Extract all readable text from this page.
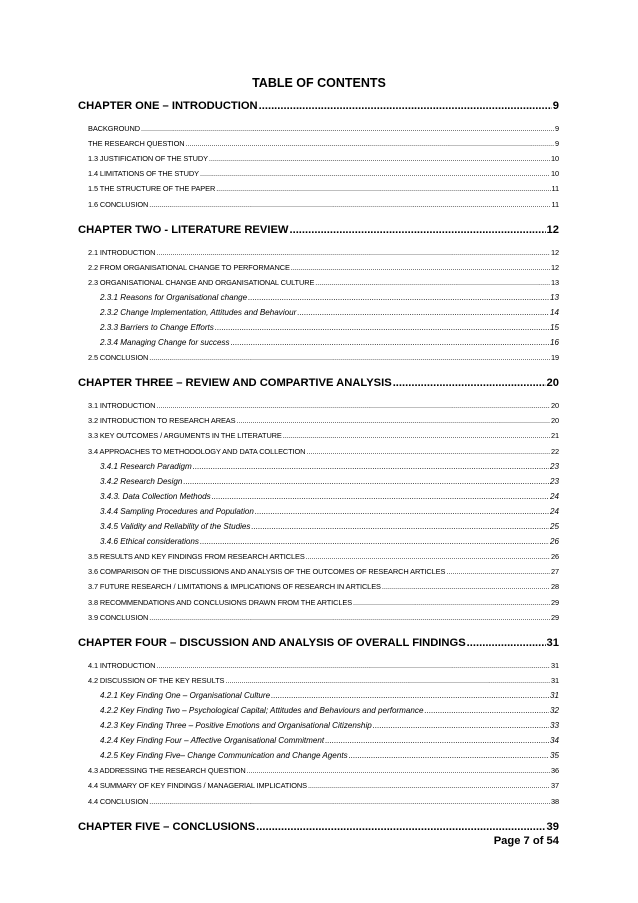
TABLE OF CONTENTS
CHAPTER ONE – INTRODUCTION .....	9
BACKGROUND .....	9
THE RESEARCH QUESTION .....	9
1.3 JUSTIFICATION OF THE STUDY .....	10
1.4 LIMITATIONS OF THE STUDY .....	10
1.5 THE STRUCTURE OF THE PAPER .....	11
1.6 CONCLUSION .....	11
CHAPTER TWO - LITERATURE REVIEW .....	12
2.1 INTRODUCTION .....	12
2.2 FROM ORGANISATIONAL CHANGE TO PERFORMANCE .....	12
2.3 ORGANISATIONAL CHANGE AND ORGANISATIONAL CULTURE .....	13
2.3.1 Reasons for Organisational change .....	13
2.3.2 Change Implementation, Attitudes and Behaviour .....	14
2.3.3 Barriers to Change Efforts .....	15
2.3.4 Managing Change for success .....	16
2.5 CONCLUSION .....	19
CHAPTER THREE – REVIEW AND COMPARTIVE ANALYSIS .....	20
3.1 INTRODUCTION .....	20
3.2 INTRODUCTION TO RESEARCH AREAS .....	20
3.3 KEY OUTCOMES / ARGUMENTS IN THE LITERATURE .....	21
3.4 APPROACHES TO METHODOLOGY AND DATA COLLECTION .....	22
3.4.1 Research Paradigm .....	23
3.4.2 Research Design .....	23
3.4.3. Data Collection Methods .....	24
3.4.4 Sampling Procedures and Population .....	24
3.4.5 Validity and Reliability of the Studies .....	25
3.4.6 Ethical considerations .....	26
3.5 RESULTS AND KEY FINDINGS FROM RESEARCH ARTICLES .....	26
3.6 COMPARISON OF THE DISCUSSIONS AND ANALYSIS OF THE OUTCOMES OF RESEARCH ARTICLES .....	27
3.7 FUTURE RESEARCH / LIMITATIONS & IMPLICATIONS OF RESEARCH IN ARTICLES .....	28
3.8 RECOMMENDATIONS AND CONCLUSIONS DRAWN FROM THE ARTICLES .....	29
3.9 CONCLUSION .....	29
CHAPTER FOUR – DISCUSSION AND ANALYSIS OF OVERALL FINDINGS .....	31
4.1 INTRODUCTION .....	31
4.2 DISCUSSION OF THE KEY RESULTS .....	31
4.2.1 Key Finding One – Organisational Culture .....	31
4.2.2 Key Finding Two – Psychological Capital; Attitudes and Behaviours and performance .....	32
4.2.3 Key Finding Three – Positive Emotions and Organisational Citizenship .....	33
4.2.4 Key Finding Four – Affective Organisational Commitment .....	34
4.2.5 Key Finding Five– Change Communication and Change Agents .....	35
4.3 ADDRESSING THE RESEARCH QUESTION .....	36
4.4 SUMMARY OF KEY FINDINGS / MANAGERIAL IMPLICATIONS .....	37
4.4 CONCLUSION .....	38
CHAPTER FIVE – CONCLUSIONS .....	39
Page 7 of 54
